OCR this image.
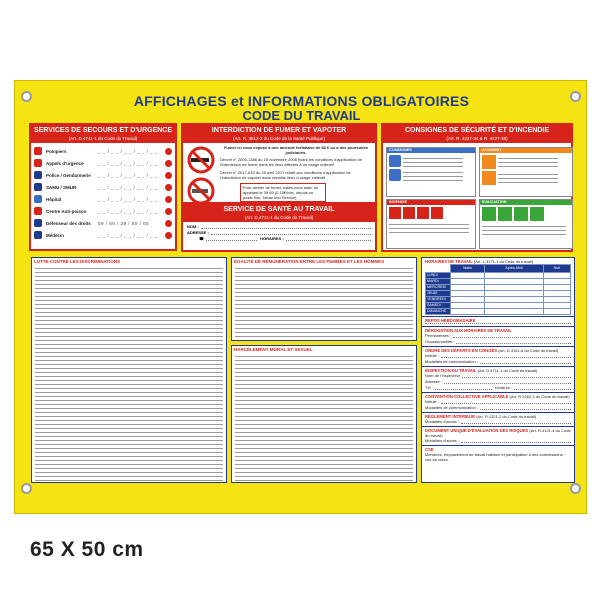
AFFICHAGES et INFORMATIONS OBLIGATOIRES
CODE DU TRAVAIL
SERVICES DE SECOURS ET D'URGENCE
(Art. D.4711-1 du Code du Travail)
Pompiers	_ _ / _ _ / _ _ / _ _ / _ _
Appels d'urgence	_ _ / _ _ / _ _ / _ _ / _ _
Police / Gendarmerie	_ _ / _ _ / _ _ / _ _ / _ _
SAMU / SMUR	_ _ / _ _ / _ _ / _ _ / _ _
Hôpital	_ _ / _ _ / _ _ / _ _ / _ _
Centre Anti-poison	_ _ / _ _ / _ _ / _ _ / _ _
Défenseur des droits	09 / 69 / 39 / 00 / 00
Médecin	_ _ / _ _ / _ _ / _ _ / _ _
INTERDICTION DE FUMER ET VAPOTER
(Art. R. 3512-2 du Code de la Santé Publique)
Fumer ici vous expose à une amende forfaitaire de 68 € ou à des poursuites judiciaires.
Décret n° 2006-1386 du 15 novembre 2006 fixant les conditions d'application de l'interdiction de fumer dans les lieux affectés à un usage collectif
Décret n° 2017-633 du 25 avril 2017 relatif aux conditions d'application de l'interdiction de vapoter dans certains lieux à usage collectif
Pour arrêter de fumer, faites-vous aider en appelant le 39 89 (0,15€/min, depuis un poste fixe, Tabac Info Service)
SERVICE DE SANTÉ AU TRAVAIL
(Art. D.4711-1 du Code du Travail)
NOM :
ADRESSE :
☎	HORAIRES :
CONSIGNES DE SÉCURITÉ ET D'INCENDIE
(Art. R. 4227-34 & R. 4227-38)
CONSIGNES	ACCIDENT
INCENDIE	ÉVACUATION
LUTTE CONTRE LES DISCRIMINATIONS	ÉGALITÉ DE RÉMUNÉRATION ENTRE LES FEMMES ET LES HOMMES
HARCÈLEMENT MORAL ET SEXUEL
HORAIRES DE TRAVAIL (Art. L.3171-1 du Code du travail)
	Matin	Après-Midi	Nuit
LUNDI			
MARDI			
MERCREDI			
JEUDI			
VENDREDI			
SAMEDI			
DIMANCHE			
REPOS HEBDOMADAIRE
DÉROGATION AUX HORAIRES DE TRAVAIL
Permanentes :
Occasionnelles :
ORDRE DES DÉPARTS EN CONGÉS (Art. D.3141-6 du Code du travail)
Intitulé :
Modalités de communication :
INSPECTION DU TRAVAIL (Art. D.4711-1 du Code du travail)
Nom de l'inspecteur
Adresse :
Tél :	Horaires :
CONVENTION COLLECTIVE APPLICABLE (Art. R.2262-3 du Code du travail)
Intitulé :
Modalités de communication :
RÈGLEMENT INTÉRIEUR (Art. R.1321-1 du Code du travail)
Modalités d'accès :
DOCUMENT UNIQUE D'ÉVALUATION DES RISQUES (Art. R.4121-4 du Code du travail)
Modalités d'accès :
CSE
Membres, emplacement de travail habituel et participation à des commissions : voir au verso
65 X 50 cm
